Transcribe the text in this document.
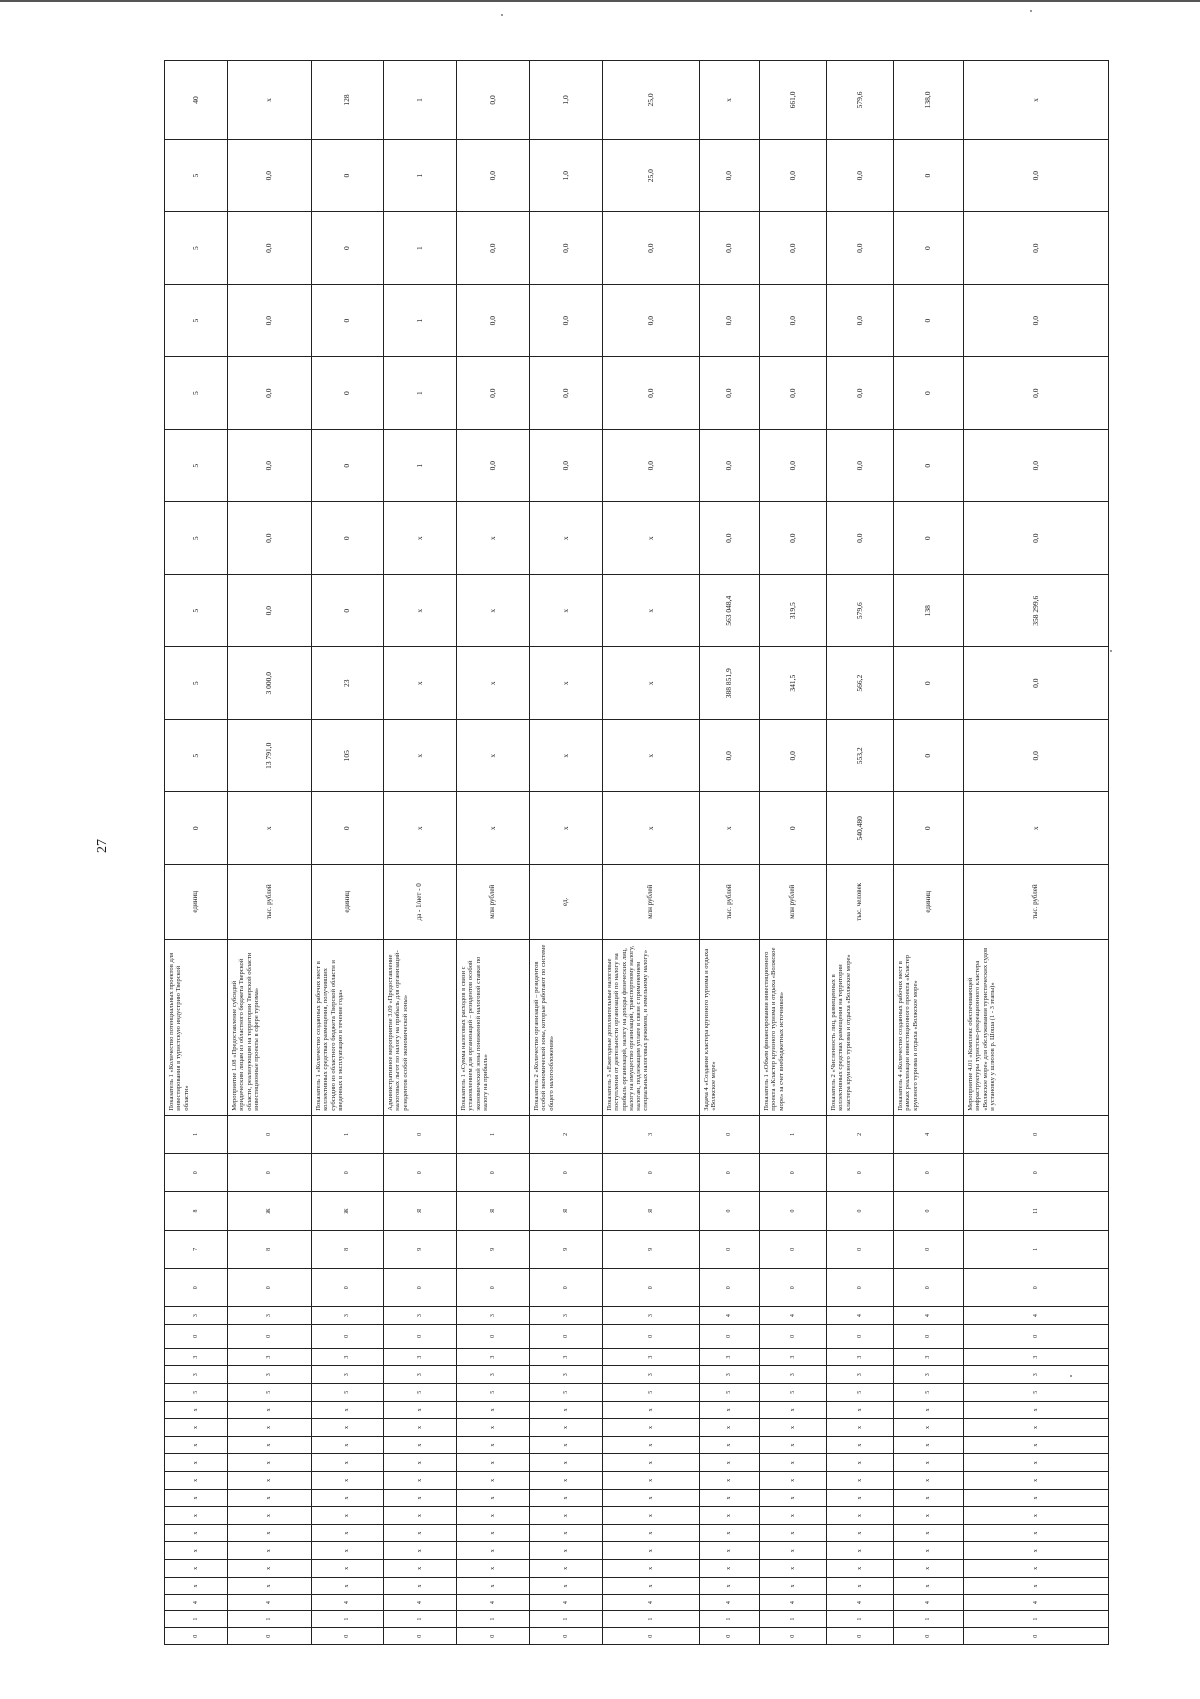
27
0	1	4	х	х	х	х	х	х	х	х	х	х	х	5	3	3	0	3	0	7	8	0	1	Показатель 1 «Количество потенциальных проектов для инвестирования в туристскую индустрию Тверской области»	единиц	0	5	5	5	5	5	5	5	5	5	40
0	1	4	х	х	х	х	х	х	х	х	х	х	х	5	3	3	0	3	0	8	Ж	0	0	Мероприятие 1.08 «Предоставление субсидий юридическим лицам из областного бюджета Тверской области, реализующим на территории Тверской области инвестиционные проекты в сфере туризма»	тыс. рублей	х	13 791,0	3 000,0	0,0	0,0	0,0	0,0	0,0	0,0	0,0	х
0	1	4	х	х	х	х	х	х	х	х	х	х	х	5	3	3	0	3	0	8	Ж	0	1	Показатель 1 «Количество созданных рабочих мест в коллективных средствах размещения, получивших субсидию из областного бюджета Тверской области и введенных в эксплуатацию в течение года»	единиц	0	105	23	0	0	0	0	0	0	0	128
0	1	4	х	х	х	х	х	х	х	х	х	х	х	5	3	3	0	3	0	9	Я	0	0	Административное мероприятие 3.09 «Предоставление налоговых льгот по налогу на прибыль для организаций-резидентов особой экономической зоны»	да - 1/нет - 0	х	х	х	х	х	1	1	1	1	1	1
0	1	4	х	х	х	х	х	х	х	х	х	х	х	5	3	3	0	3	0	9	Я	0	1	Показатель 1 «Сумма налоговых расходов в связи с установлением для организаций – резидентов особой экономической зоны пониженной налоговой ставки по налогу на прибыль»	млн рублей	х	х	х	х	х	0,0	0,0	0,0	0,0	0,0	0,0
0	1	4	х	х	х	х	х	х	х	х	х	х	х	5	3	3	0	3	0	9	Я	0	2	Показатель 2 «Количество организаций – резидентов особой экономической зоны, которые работают по системе общего налогообложения»	ед.	х	х	х	х	х	0,0	0,0	0,0	0,0	1,0	1,0
0	1	4	х	х	х	х	х	х	х	х	х	х	х	5	3	3	0	3	0	9	Я	0	3	Показатель 3 «Ежегодные дополнительные налоговые поступления от деятельности организаций по налогу на прибыль организаций, налогу на доходы физических лиц, налогу на имущество организаций, транспортному налогу, налогам, подлежащим уплате в связи с применением специальных налоговых режимов, и земельному налогу»	млн рублей	х	х	х	х	х	0,0	0,0	0,0	0,0	25,0	25,0
0	1	4	х	х	х	х	х	х	х	х	х	х	х	5	3	3	0	4	0	0	0	0	0	Задача 4 «Создание кластера круизного туризма и отдыха «Волжское море»	тыс. рублей	х	0,0	388 851,9	563 048,4	0,0	0,0	0,0	0,0	0,0	0,0	х
0	1	4	х	х	х	х	х	х	х	х	х	х	х	5	3	3	0	4	0	0	0	0	1	Показатель 1 «Объем финансирования инвестиционного проекта «Кластер круизного туризма и отдыха «Волжское море» за счет внебюджетных источников»	млн рублей	0	0,0	341,5	319,5	0,0	0,0	0,0	0,0	0,0	0,0	661,0
0	1	4	х	х	х	х	х	х	х	х	х	х	х	5	3	3	0	4	0	0	0	0	2	Показатель 2 «Численность лиц, размещенных в коллективных средствах размещения на территории кластера круизного туризма и отдыха «Волжское море»	тыс. человек	540,480	553,2	566,2	579,6	0,0	0,0	0,0	0,0	0,0	0,0	579,6
0	1	4	х	х	х	х	х	х	х	х	х	х	х	5	3	3	0	4	0	0	0	0	4	Показатель 4 «Количество созданных рабочих мест в рамках реализации инвестиционного проекта «Кластер круизного туризма и отдыха «Волжское море»	единиц	0	0	0	138	0	0	0	0	0	0	138,0
0	1	4	х	х	х	х	х	х	х	х	х	х	х	5	3	3	0	4	0	1	11	0	0	Мероприятие 4.01 «Комплекс обеспечивающей инфраструктуры туристско-рекреационного кластера «Волжское море» для обслуживания туристических судов и установку у шлюзов р. Шоша (1 - 3 этапы)»	тыс. рублей	х	0,0	0,0	358 299,6	0,0	0,0	0,0	0,0	0,0	0,0	х
